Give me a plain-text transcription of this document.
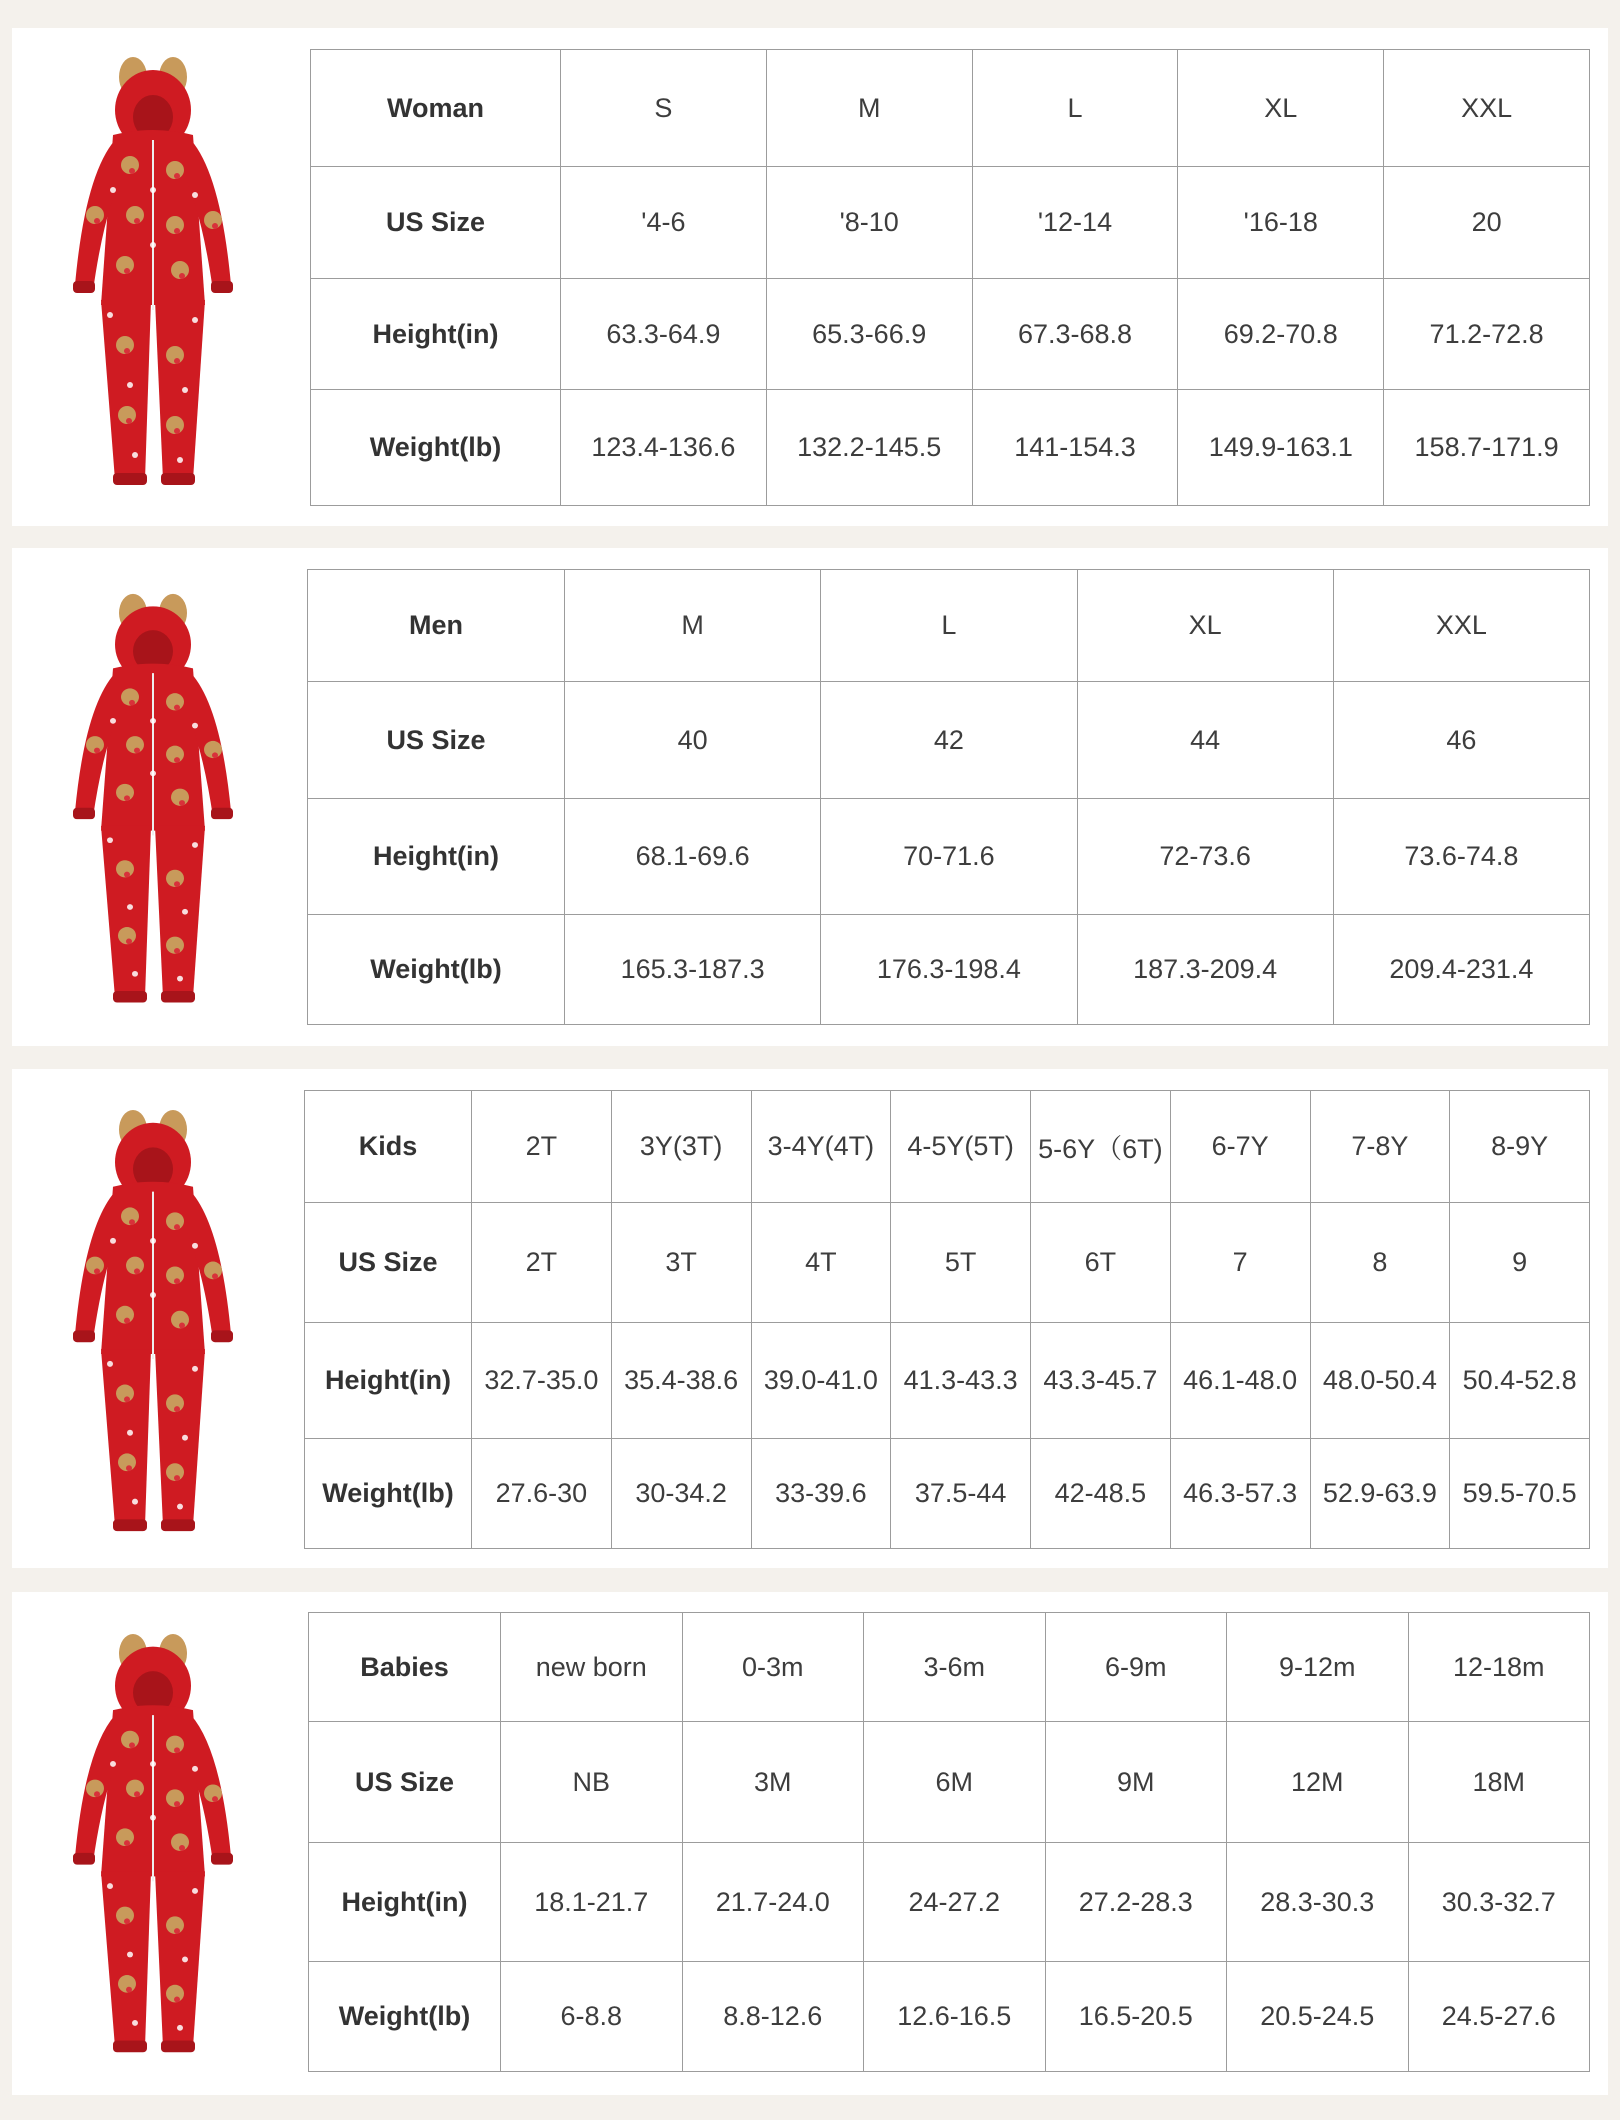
Woman	S	M	L	XL	XXL
US Size	'4-6	'8-10	'12-14	'16-18	20
Height(in)	63.3-64.9	65.3-66.9	67.3-68.8	69.2-70.8	71.2-72.8
Weight(lb)	123.4-136.6	132.2-145.5	141-154.3	149.9-163.1	158.7-171.9
Men	M	L	XL	XXL
US Size	40	42	44	46
Height(in)	68.1-69.6	70-71.6	72-73.6	73.6-74.8
Weight(lb)	165.3-187.3	176.3-198.4	187.3-209.4	209.4-231.4
Kids	2T	3Y(3T)	3-4Y(4T)	4-5Y(5T)	5-6Y（6T)	6-7Y	7-8Y	8-9Y
US Size	2T	3T	4T	5T	6T	7	8	9
Height(in)	32.7-35.0	35.4-38.6	39.0-41.0	41.3-43.3	43.3-45.7	46.1-48.0	48.0-50.4	50.4-52.8
Weight(lb)	27.6-30	30-34.2	33-39.6	37.5-44	42-48.5	46.3-57.3	52.9-63.9	59.5-70.5
Babies	new born	0-3m	3-6m	6-9m	9-12m	12-18m
US Size	NB	3M	6M	9M	12M	18M
Height(in)	18.1-21.7	21.7-24.0	24-27.2	27.2-28.3	28.3-30.3	30.3-32.7
Weight(lb)	6-8.8	8.8-12.6	12.6-16.5	16.5-20.5	20.5-24.5	24.5-27.6
